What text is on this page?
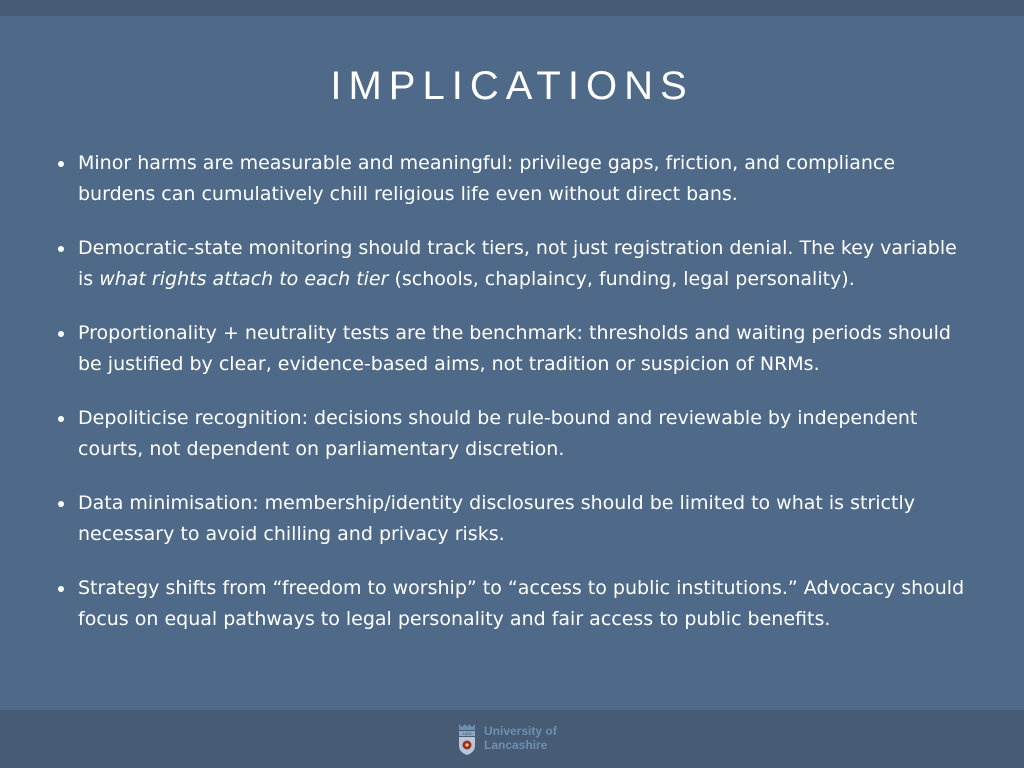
IMPLICATIONS
Minor harms are measurable and meaningful: privilege gaps, friction, and compliance burdens can cumulatively chill religious life even without direct bans.
Democratic-state monitoring should track tiers, not just registration denial. The key variable is what rights attach to each tier (schools, chaplaincy, funding, legal personality).
Proportionality + neutrality tests are the benchmark: thresholds and waiting periods should be justified by clear, evidence-based aims, not tradition or suspicion of NRMs.
Depoliticise recognition: decisions should be rule-bound and reviewable by independent courts, not dependent on parliamentary discretion.
Data minimisation: membership/identity disclosures should be limited to what is strictly necessary to avoid chilling and privacy risks.
Strategy shifts from “freedom to worship” to “access to public institutions.” Advocacy should focus on equal pathways to legal personality and fair access to public benefits.
1828 University of
Lancashire
